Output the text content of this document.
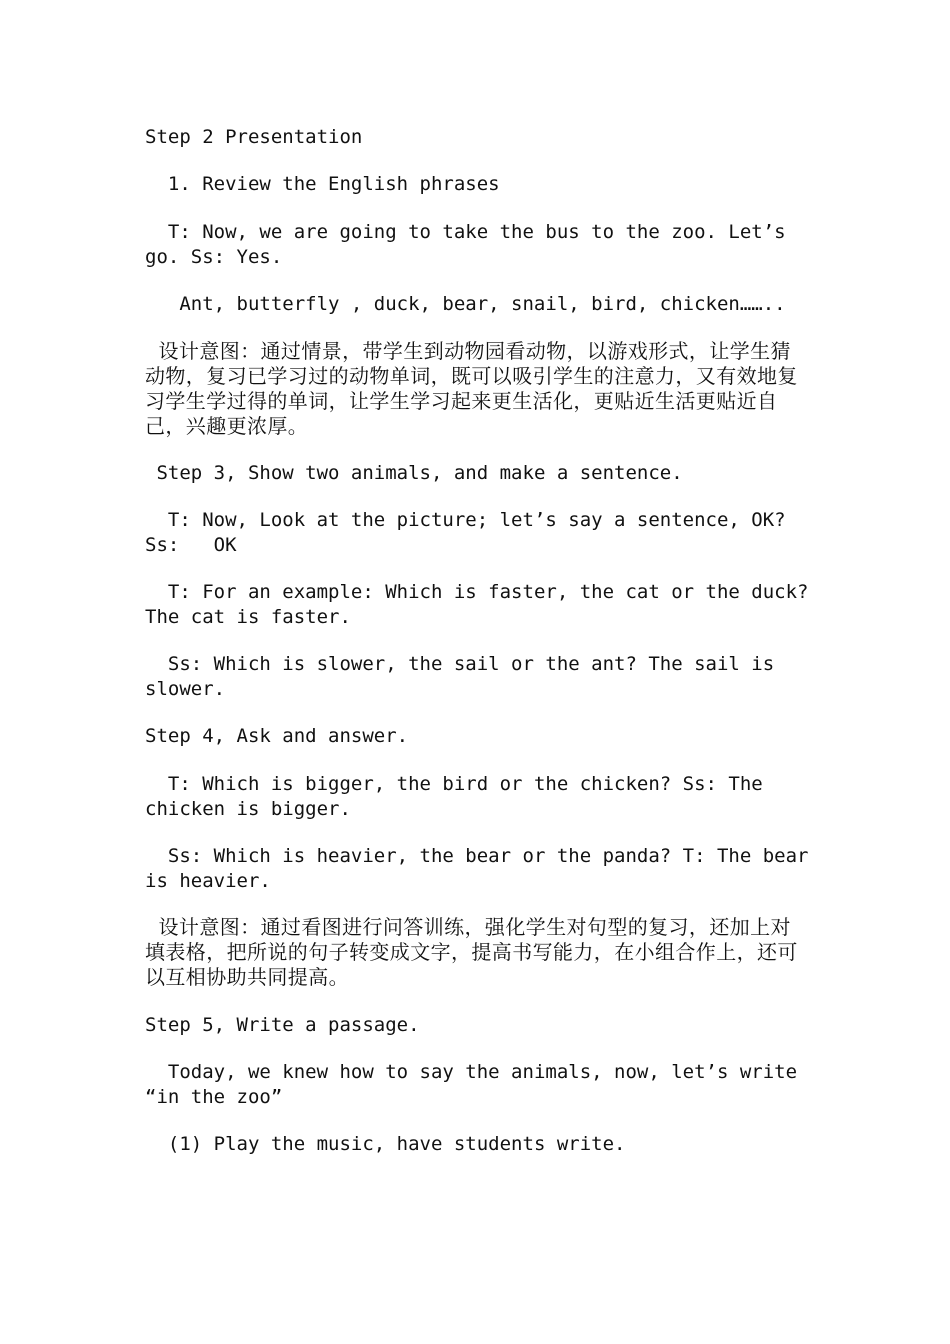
Step 2 Presentation

1. Review the English phrases

T: Now, we are going to take the bus to the zoo. Let’s go. Ss: Yes.

Ant, butterfly , duck, bear, snail, bird, chicken……..

设计意图：通过情景，带学生到动物园看动物，以游戏形式，让学生猜动物，复习已学习过的动物单词，既可以吸引学生的注意力，又有效地复习学生学过得的单词，让学生学习起来更生活化，更贴近生活更贴近自己，兴趣更浓厚。

Step 3, Show two animals, and make a sentence.

T: Now, Look at the picture; let’s say a sentence, OK? Ss:   OK

T: For an example: Which is faster, the cat or the duck? The cat is faster.

Ss: Which is slower, the sail or the ant? The sail is slower.

Step 4, Ask and answer.

T: Which is bigger, the bird or the chicken? Ss: The chicken is bigger.

Ss: Which is heavier, the bear or the panda? T: The bear is heavier.

设计意图：通过看图进行问答训练，强化学生对句型的复习，还加上对填表格，把所说的句子转变成文字，提高书写能力，在小组合作上，还可以互相协助共同提高。

Step 5, Write a passage.

Today, we knew how to say the animals, now, let’s write “in the zoo”

(1) Play the music, have students write.
